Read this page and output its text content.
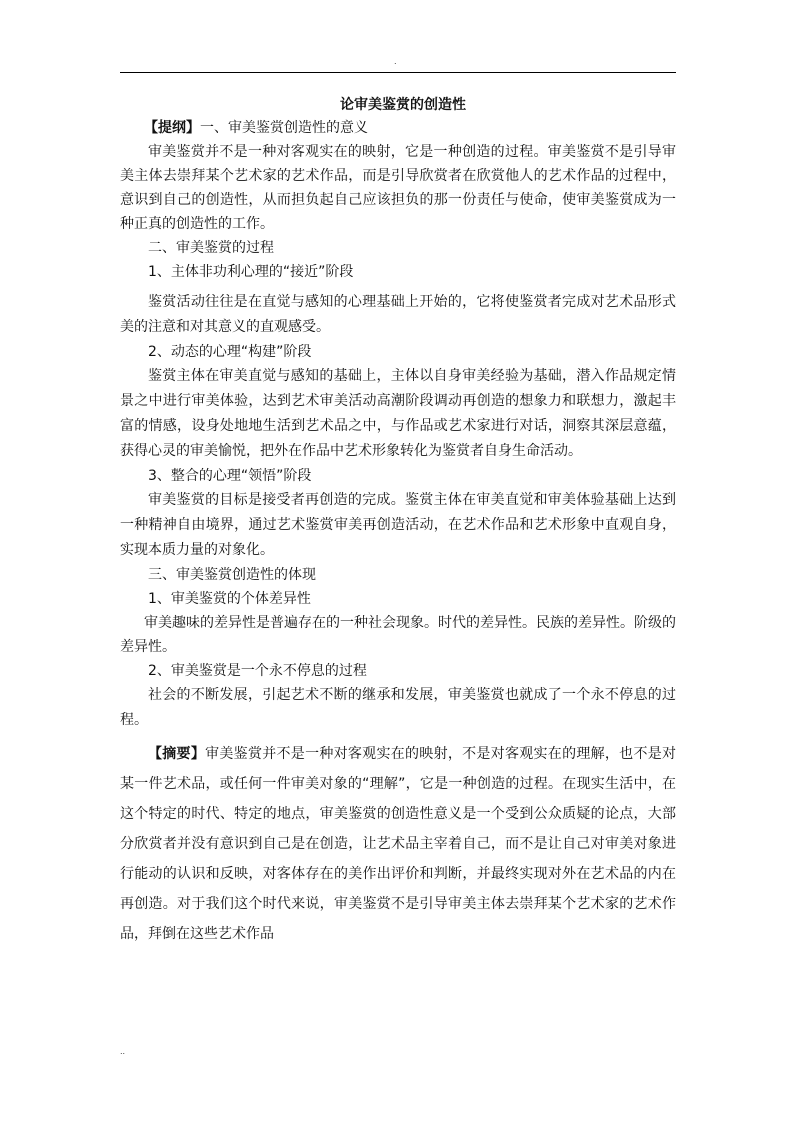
.
论审美鉴赏的创造性

【提纲】一、审美鉴赏创造性的意义

审美鉴赏并不是一种对客观实在的映射，它是一种创造的过程。审美鉴赏不是引导审美主体去崇拜某个艺术家的艺术作品，而是引导欣赏者在欣赏他人的艺术作品的过程中，意识到自己的创造性，从而担负起自己应该担负的那一份责任与使命，使审美鉴赏成为一种正真的创造性的工作。

二、审美鉴赏的过程

1、主体非功利心理的“接近”阶段

鉴赏活动往往是在直觉与感知的心理基础上开始的，它将使鉴赏者完成对艺术品形式美的注意和对其意义的直观感受。

2、动态的心理“构建”阶段

鉴赏主体在审美直觉与感知的基础上，主体以自身审美经验为基础，潜入作品规定情景之中进行审美体验，达到艺术审美活动高潮阶段调动再创造的想象力和联想力，激起丰富的情感，设身处地地生活到艺术品之中，与作品或艺术家进行对话，洞察其深层意蕴，获得心灵的审美愉悦，把外在作品中艺术形象转化为鉴赏者自身生命活动。

3、整合的心理“领悟”阶段

审美鉴赏的目标是接受者再创造的完成。鉴赏主体在审美直觉和审美体验基础上达到一种精神自由境界，通过艺术鉴赏审美再创造活动，在艺术作品和艺术形象中直观自身，实现本质力量的对象化。

三、审美鉴赏创造性的体现

1、审美鉴赏的个体差异性

审美趣味的差异性是普遍存在的一种社会现象。时代的差异性。民族的差异性。阶级的差异性。

2、审美鉴赏是一个永不停息的过程

社会的不断发展，引起艺术不断的继承和发展，审美鉴赏也就成了一个永不停息的过程。

【摘要】审美鉴赏并不是一种对客观实在的映射，不是对客观实在的理解，也不是对某一件艺术品，或任何一件审美对象的“理解”，它是一种创造的过程。在现实生活中，在这个特定的时代、特定的地点，审美鉴赏的创造性意义是一个受到公众质疑的论点，大部分欣赏者并没有意识到自己是在创造，让艺术品主宰着自己，而不是让自己对审美对象进行能动的认识和反映，对客体存在的美作出评价和判断，并最终实现对外在艺术品的内在再创造。对于我们这个时代来说，审美鉴赏不是引导审美主体去崇拜某个艺术家的艺术作品，拜倒在这些艺术作品

..
